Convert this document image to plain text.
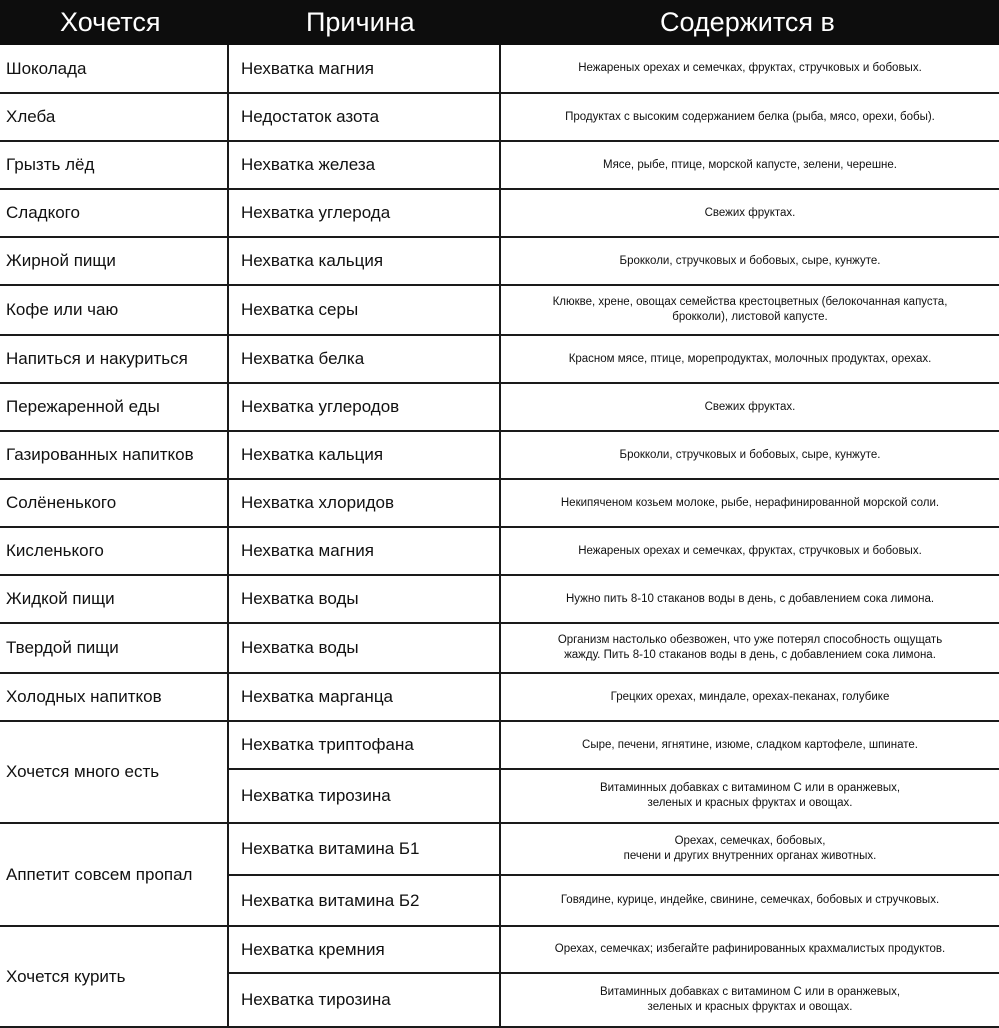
Хочется	Причина	Содержится в
Шоколада	Нехватка магния	Нежареных орехах и семечках, фруктах, стручковых и бобовых.

Хлеба	Недостаток азота	Продуктах с высоким содержанием белка (рыба, мясо, орехи, бобы).

Грызть лёд	Нехватка железа	Мясе, рыбе, птице, морской капусте, зелени, черешне.

Сладкого	Нехватка углерода	Свежих фруктах.

Жирной пищи	Нехватка кальция	Брокколи, стручковых и бобовых, сыре, кунжуте.

Кофе или чаю	Нехватка серы	Клюкве, хрене, овощах семейства крестоцветных (белокочанная капуста,
брокколи), листовой капусте.

Напиться и накуриться	Нехватка белка	Красном мясе, птице, морепродуктах, молочных продуктах, орехах.

Пережаренной еды	Нехватка углеродов	Свежих фруктах.

Газированных напитков	Нехватка кальция	Брокколи, стручковых и бобовых, сыре, кунжуте.

Солёненького	Нехватка хлоридов	Некипяченом козьем молоке, рыбе, нерафинированной морской соли.

Кисленького	Нехватка магния	Нежареных орехах и семечках, фруктах, стручковых и бобовых.

Жидкой пищи	Нехватка воды	Нужно пить 8-10 стаканов воды в день, с добавлением сока лимона.

Твердой пищи	Нехватка воды	Организм настолько обезвожен, что уже потерял способность ощущать
жажду. Пить 8-10 стаканов воды в день, с добавлением сока лимона.

Холодных напитков	Нехватка марганца	Грецких орехах, миндале, орехах-пеканах, голубике

Хочется много есть	Нехватка триптофана	Сыре, печени, ягнятине, изюме, сладком картофеле, шпинате.

	Нехватка тирозина	Витаминных добавках с витамином С или в оранжевых,
зеленых и красных фруктах и овощах.

Аппетит совсем пропал	Нехватка витамина Б1	Орехах, семечках, бобовых,
печени и других внутренних органах животных.

	Нехватка витамина Б2	Говядине, курице, индейке, свинине, семечках, бобовых и стручковых.

Хочется курить	Нехватка кремния	Орехах, семечках; избегайте рафинированных крахмалистых продуктов.

	Нехватка тирозина	Витаминных добавках с витамином С или в оранжевых,
зеленых и красных фруктах и овощах.
